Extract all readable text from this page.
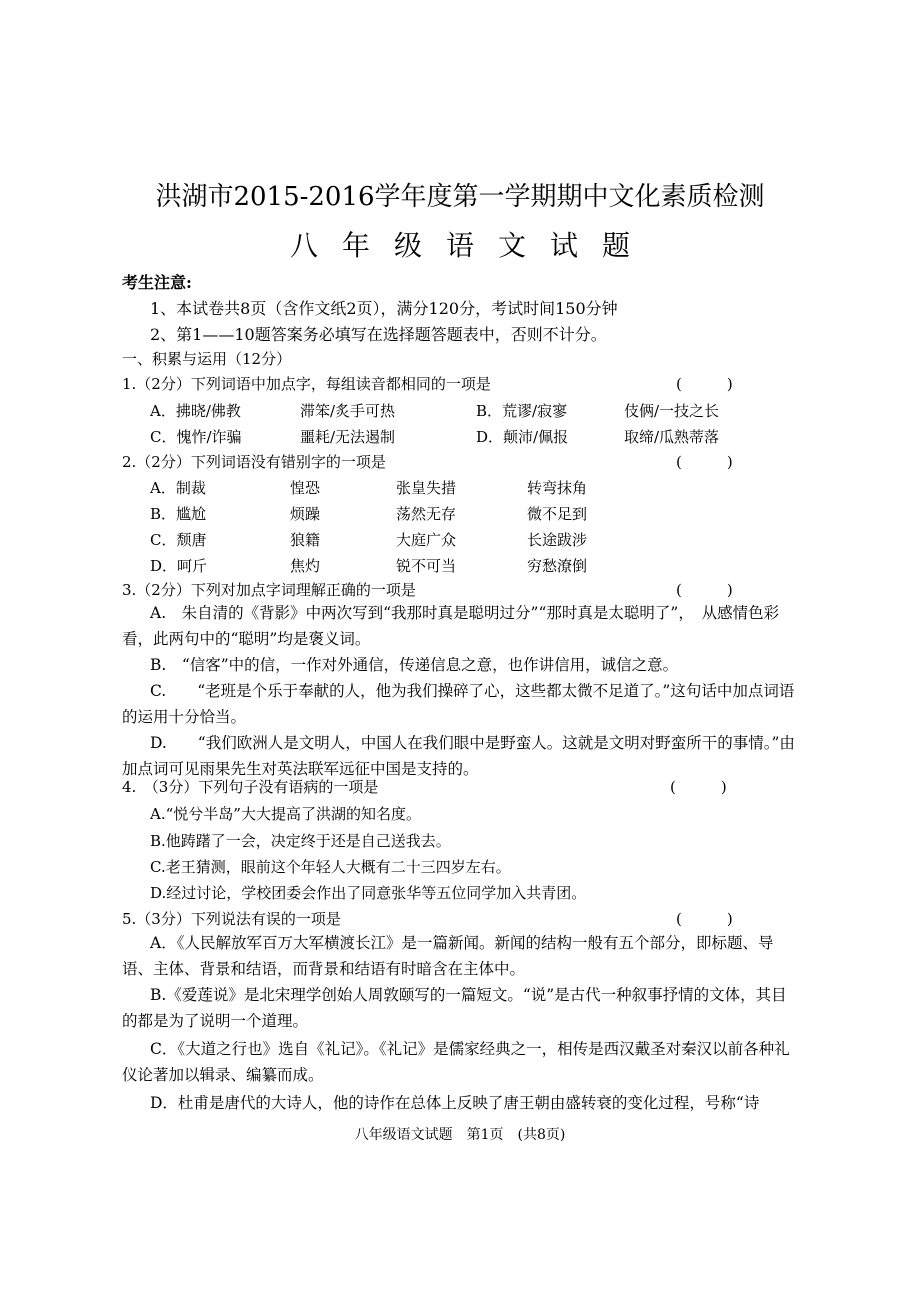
洪湖市2015-2016学年度第一学期期中文化素质检测
八年级语文试题
考生注意:
1、本试卷共8页（含作文纸2页），满分120分，考试时间150分钟
2、第1——10题答案务必填写在选择题答题表中，否则不计分。
一、积累与运用（12分）
1.（2分）下列词语中加点字，每组读音都相同的一项是	(　　　)
A．拂晓/佛教	滞笨/炙手可热	B．荒谬/寂寥	伎俩/一技之长
C．愧怍/诈骗	噩耗/无法遏制	D．颠沛/佩报	取缔/瓜熟蒂落
2.（2分）下列词语没有错别字的一项是	(　　　)
A．制裁	惶恐	张皇失措	转弯抹角
B．尴尬	烦躁	荡然无存	微不足到
C．颓唐	狼籍	大庭广众	长途跋涉
D．呵斤	焦灼	锐不可当	穷愁潦倒
3.（2分）下列对加点字词理解正确的一项是	(　　　)
A.　朱自清的《背影》中两次写到“我那时真是聪明过分”“那时真是太聪明了”，　从感情色彩看，此两句中的“聪明”均是褒义词。
B.　“信客”中的信，一作对外通信，传递信息之意，也作讲信用，诚信之意。
C.　　“老班是个乐于奉献的人，他为我们操碎了心，这些都太微不足道了。”这句话中加点词语的运用十分恰当。
D.　　“我们欧洲人是文明人，中国人在我们眼中是野蛮人。这就是文明对野蛮所干的事情。”由加点词可见雨果先生对英法联军远征中国是支持的。
4.　（3分）下列句子没有语病的一项是	(　　　)
A.“悦兮半岛”大大提高了洪湖的知名度。
B.他踌躇了一会，决定终于还是自己送我去。
C.老王猜测，眼前这个年轻人大概有二十三四岁左右。
D.经过讨论，学校团委会作出了同意张华等五位同学加入共青团。
5.（3分）下列说法有误的一项是	(　　　)
A．《人民解放军百万大军横渡长江》是一篇新闻。新闻的结构一般有五个部分，即标题、导语、主体、背景和结语，而背景和结语有时暗含在主体中。
B.《爱莲说》是北宋理学创始人周敦颐写的一篇短文。“说”是古代一种叙事抒情的文体，其目的都是为了说明一个道理。
C．《大道之行也》选自《礼记》。《礼记》是儒家经典之一，相传是西汉戴圣对秦汉以前各种礼仪论著加以辑录、编纂而成。
D．杜甫是唐代的大诗人，他的诗作在总体上反映了唐王朝由盛转衰的变化过程，号称“诗
八年级语文试题　第1页　(共8页)
